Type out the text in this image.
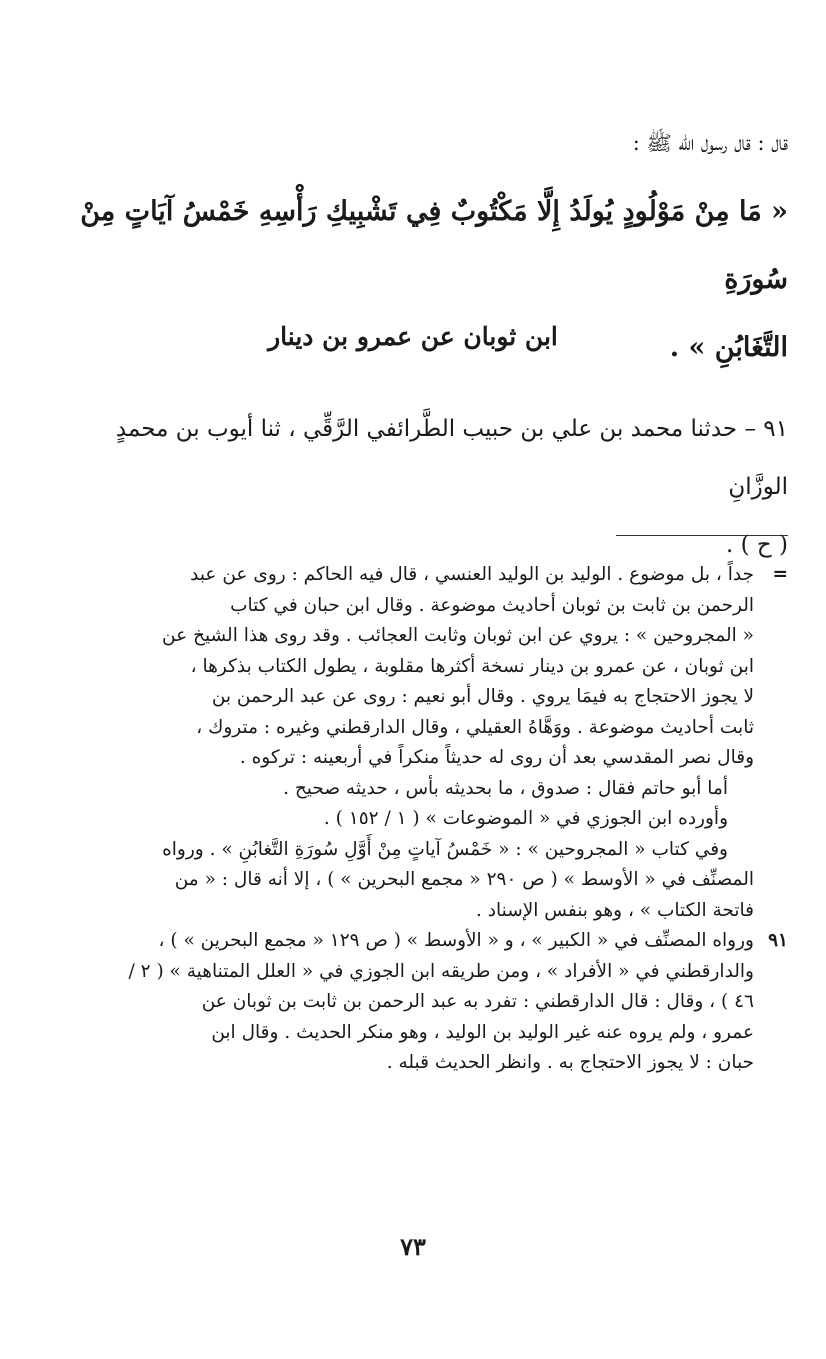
قال : قال رسول الله ﷺ :
« مَا مِنْ مَوْلُودٍ يُولَدُ إِلَّا مَكْتُوبٌ فِي تَشْبِيكِ رَأْسِهِ خَمْسُ آيَاتٍ مِنْ سُورَةِ
التَّغَابُنِ » .
ابن ثوبان عن عمرو بن دينار
٩١ – حدثنا محمد بن علي بن حبيب الطَّرائفي الرَّقِّي ، ثنا أيوب بن محمدٍ الوزَّانِ
( ح ) .
=

جداً ، بل موضوع . الوليد بن الوليد العنسي ، قال فيه الحاكم : روى عن عبد

الرحمن بن ثابت بن ثوبان أحاديث موضوعة . وقال ابن حبان في كتاب

« المجروحين » : يروي عن ابن ثوبان وثابت العجائب . وقد روى هذا الشيخ عن

ابن ثوبان ، عن عمرو بن دينار نسخة أكثرها مقلوبة ، يطول الكتاب بذكرها ،

لا يجوز الاحتجاج به فيمَا يروي . وقال أبو نعيم : روى عن عبد الرحمن بن

ثابت أحاديث موضوعة . ووَهَّاهُ العقيلي ، وقال الدارقطني وغيره : متروك ،

وقال نصر المقدسي بعد أن روى له حديثاً منكراً في أربعينه : تركوه .

أما أبو حاتم فقال : صدوق ، ما بحديثه بأس ، حديثه صحيح .

وأورده ابن الجوزي في « الموضوعات » ( ١ / ١٥٢ ) .

وفي كتاب « المجروحين » : « خَمْسُ آياتٍ مِنْ أَوَّلِ سُورَةِ التَّغابُنِ » . ورواه

المصنِّف في « الأوسط » ( ص ٢٩٠ « مجمع البحرين » ) ، إلا أنه قال : « من

فاتحة الكتاب » ، وهو بنفس الإسناد .

٩١

ورواه المصنِّف في « الكبير » ، و « الأوسط » ( ص ١٢٩ « مجمع البحرين » ) ،

والدارقطني في « الأفراد » ، ومن طريقه ابن الجوزي في « العلل المتناهية » ( ٢ /

٤٦ ) ، وقال : قال الدارقطني : تفرد به عبد الرحمن بن ثابت بن ثوبان عن

عمرو ، ولم يروه عنه غير الوليد بن الوليد ، وهو منكر الحديث . وقال ابن

حبان : لا يجوز الاحتجاج به . وانظر الحديث قبله .

٧٣
